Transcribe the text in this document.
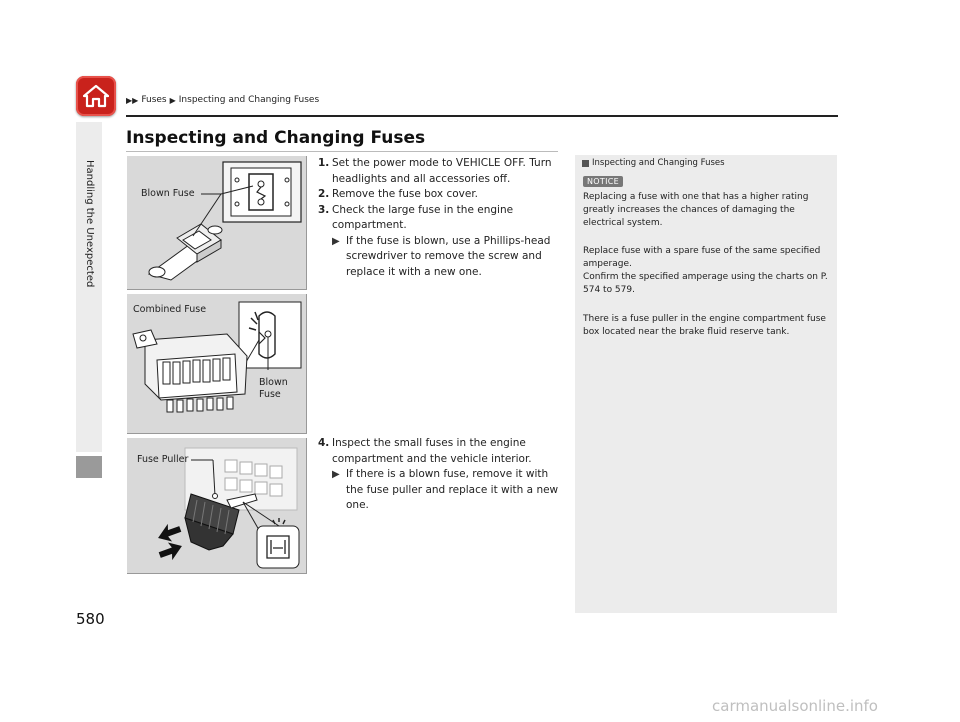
▶▶ Fuses ▶ Inspecting and Changing Fuses
Handling the Unexpected
Inspecting and Changing Fuses
Blown Fuse
Combined Fuse
Blown Fuse
Fuse Puller
1. Set the power mode to VEHICLE OFF. Turn headlights and all accessories off.
2. Remove the fuse box cover.
3. Check the large fuse in the engine compartment.
▶ If the fuse is blown, use a Phillips-head screwdriver to remove the screw and replace it with a new one.
4. Inspect the small fuses in the engine compartment and the vehicle interior.
▶ If there is a blown fuse, remove it with the fuse puller and replace it with a new one.
Inspecting and Changing Fuses
NOTICE
Replacing a fuse with one that has a higher rating greatly increases the chances of damaging the electrical system.
Replace fuse with a spare fuse of the same specified amperage.
Confirm the specified amperage using the charts on P. 574 to 579.
There is a fuse puller in the engine compartment fuse box located near the brake fluid reserve tank.
580
carmanualsonline.info
